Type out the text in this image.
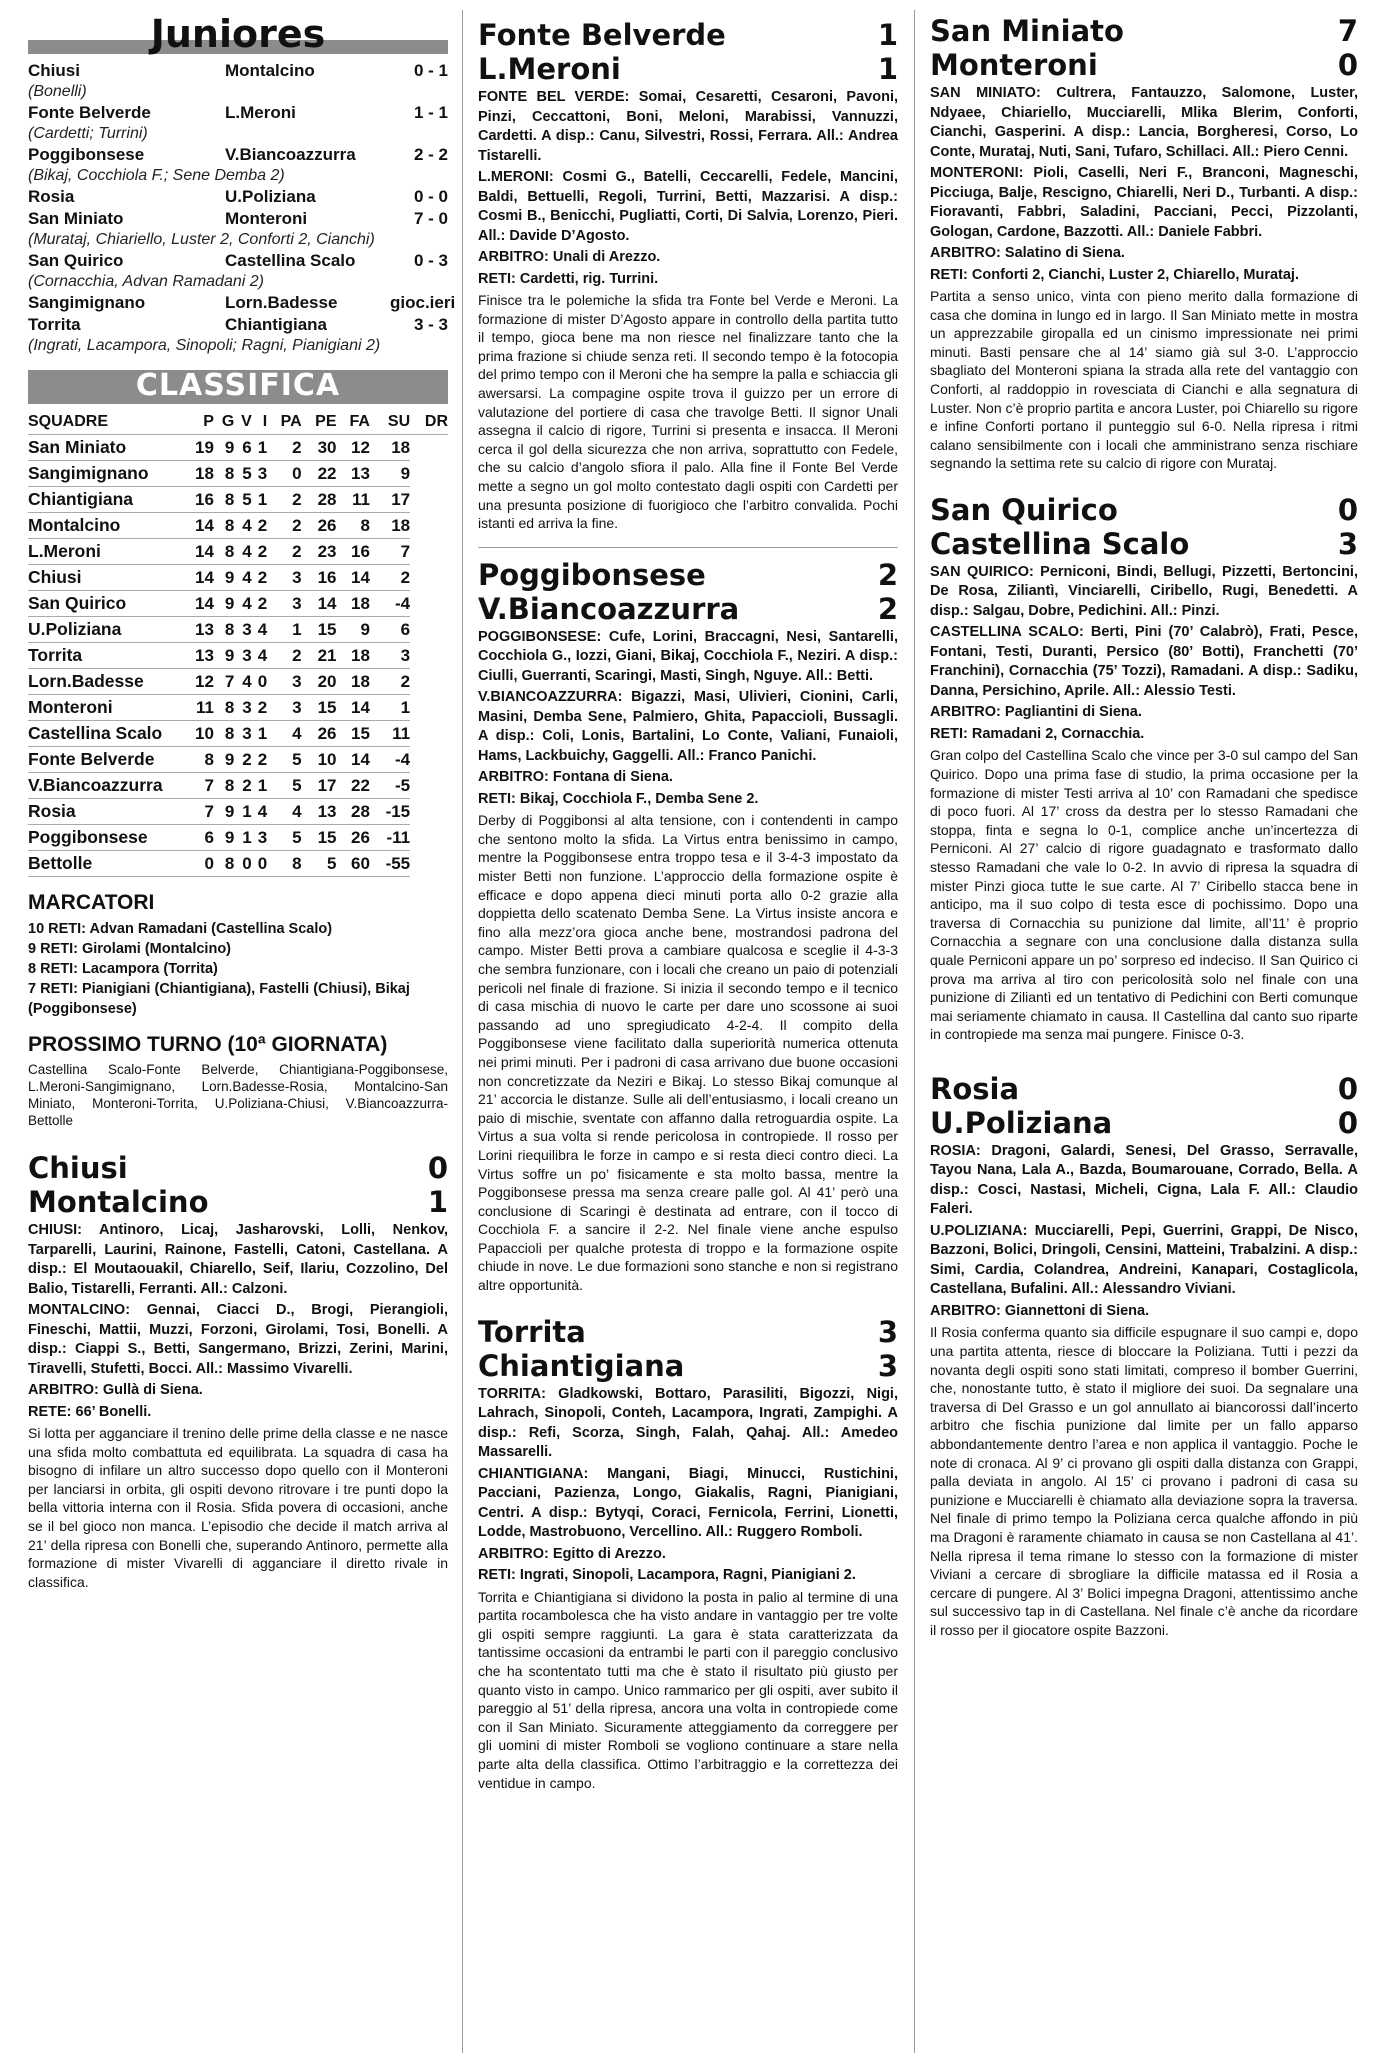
Juniores
Chiusi	Montalcino	0 - 1
(Bonelli)
Fonte Belverde	L.Meroni	1 - 1
(Cardetti; Turrini)
Poggibonsese	V.Biancoazzurra	2 - 2
(Bikaj, Cocchiola F.; Sene Demba 2)
Rosia	U.Poliziana	0 - 0
San Miniato	Monteroni	7 - 0
(Murataj, Chiariello, Luster 2, Conforti 2, Cianchi)
San Quirico	Castellina Scalo	0 - 3
(Cornacchia, Advan Ramadani 2)
Sangimignano	Lorn.Badesse	gioc.ieri
Torrita	Chiantigiana	3 - 3
(Ingrati, Lacampora, Sinopoli; Ragni, Pianigiani 2)
CLASSIFICA
SQUADRE	P	G	V	I	PA	PE	FA	SU	DR
San Miniato	19	9	6	1	2	30	12	18	
Sangimignano	18	8	5	3	0	22	13	9	
Chiantigiana	16	8	5	1	2	28	11	17	
Montalcino	14	8	4	2	2	26	8	18	
L.Meroni	14	8	4	2	2	23	16	7	
Chiusi	14	9	4	2	3	16	14	2	
San Quirico	14	9	4	2	3	14	18	-4	
U.Poliziana	13	8	3	4	1	15	9	6	
Torrita	13	9	3	4	2	21	18	3	
Lorn.Badesse	12	7	4	0	3	20	18	2	
Monteroni	11	8	3	2	3	15	14	1	
Castellina Scalo	10	8	3	1	4	26	15	11	
Fonte Belverde	8	9	2	2	5	10	14	-4	
V.Biancoazzurra	7	8	2	1	5	17	22	-5	
Rosia	7	9	1	4	4	13	28	-15	
Poggibonsese	6	9	1	3	5	15	26	-11	
Bettolle	0	8	0	0	8	5	60	-55	
MARCATORI
10 RETI: Advan Ramadani (Castellina Scalo)
9 RETI: Girolami (Montalcino)
8 RETI: Lacampora (Torrita)
7 RETI: Pianigiani (Chiantigiana), Fastelli (Chiusi), Bikaj (Poggibonsese)
PROSSIMO TURNO (10ª GIORNATA)
Castellina Scalo-Fonte Belverde, Chiantigiana-Poggibonsese, L.Meroni-Sangimignano, Lorn.Badesse-Rosia, Montalcino-San Miniato, Monteroni-Torrita, U.Poliziana-Chiusi, V.Biancoazzurra-Bettolle
Chiusi	0
Montalcino	1
CHIUSI: Antinoro, Licaj, Jasharovski, Lolli, Nenkov, Tarparelli, Laurini, Rainone, Fastelli, Catoni, Castellana. A disp.: El Moutaouakil, Chiarello, Seif, Ilariu, Cozzolino, Del Balio, Tistarelli, Ferranti. All.: Calzoni.
MONTALCINO: Gennai, Ciacci D., Brogi, Pierangioli, Fineschi, Mattii, Muzzi, Forzoni, Girolami, Tosi, Bonelli. A disp.: Ciappi S., Betti, Sangermano, Brizzi, Zerini, Marini, Tiravelli, Stufetti, Bocci. All.: Massimo Vivarelli.
ARBITRO: Gullà di Siena.
RETE: 66’ Bonelli.
Si lotta per agganciare il trenino delle prime della classe e ne nasce una sfida molto combattuta ed equilibrata. La squadra di casa ha bisogno di infilare un altro successo dopo quello con il Monteroni per lanciarsi in orbita, gli ospiti devono ritrovare i tre punti dopo la bella vittoria interna con il Rosia. Sfida povera di occasioni, anche se il bel gioco non manca. L’episodio che decide il match arriva al 21’ della ripresa con Bonelli che, superando Antinoro, permette alla formazione di mister Vivarelli di agganciare il diretto rivale in classifica.
Fonte Belverde	1
L.Meroni	1
FONTE BEL VERDE: Somai, Cesaretti, Cesaroni, Pavoni, Pinzi, Ceccattoni, Boni, Meloni, Marabissi, Vannuzzi, Cardetti. A disp.: Canu, Silvestri, Rossi, Ferrara. All.: Andrea Tistarelli.
L.MERONI: Cosmi G., Batelli, Ceccarelli, Fedele, Mancini, Baldi, Bettuelli, Regoli, Turrini, Betti, Mazzarisi. A disp.: Cosmi B., Benicchi, Pugliatti, Corti, Di Salvia, Lorenzo, Pieri. All.: Davide D’Agosto.
ARBITRO: Unali di Arezzo.
RETI: Cardetti, rig. Turrini.
Finisce tra le polemiche la sfida tra Fonte bel Verde e Meroni. La formazione di mister D’Agosto appare in controllo della partita tutto il tempo, gioca bene ma non riesce nel finalizzare tanto che la prima frazione si chiude senza reti. Il secondo tempo è la fotocopia del primo tempo con il Meroni che ha sempre la palla e schiaccia gli awersarsi. La compagine ospite trova il guizzo per un errore di valutazione del portiere di casa che travolge Betti. Il signor Unali assegna il calcio di rigore, Turrini si presenta e insacca. Il Meroni cerca il gol della sicurezza che non arriva, soprattutto con Fedele, che su calcio d’angolo sfiora il palo. Alla fine il Fonte Bel Verde mette a segno un gol molto contestato dagli ospiti con Cardetti per una presunta posizione di fuorigioco che l’arbitro convalida. Pochi istanti ed arriva la fine.
Poggibonsese	2
V.Biancoazzurra	2
POGGIBONSESE: Cufe, Lorini, Braccagni, Nesi, Santarelli, Cocchiola G., Iozzi, Giani, Bikaj, Cocchiola F., Neziri. A disp.: Ciulli, Guerranti, Scaringi, Masti, Singh, Nguye. All.: Betti.
V.BIANCOAZZURRA: Bigazzi, Masi, Ulivieri, Cionini, Carli, Masini, Demba Sene, Palmiero, Ghita, Papaccioli, Bussagli. A disp.: Coli, Lonis, Bartalini, Lo Conte, Valiani, Funaioli, Hams, Lackbuichy, Gaggelli. All.: Franco Panichi.
ARBITRO: Fontana di Siena.
RETI: Bikaj, Cocchiola F., Demba Sene 2.
Derby di Poggibonsi al alta tensione, con i contendenti in campo che sentono molto la sfida. La Virtus entra benissimo in campo, mentre la Poggibonsese entra troppo tesa e il 3-4-3 impostato da mister Betti non funzione. L’approccio della formazione ospite è efficace e dopo appena dieci minuti porta allo 0-2 grazie alla doppietta dello scatenato Demba Sene. La Virtus insiste ancora e fino alla mezz’ora gioca anche bene, mostrandosi padrona del campo. Mister Betti prova a cambiare qualcosa e sceglie il 4-3-3 che sembra funzionare, con i locali che creano un paio di potenziali pericoli nel finale di frazione. Si inizia il secondo tempo e il tecnico di casa mischia di nuovo le carte per dare uno scossone ai suoi passando ad uno spregiudicato 4-2-4. Il compito della Poggibonsese viene facilitato dalla superiorità numerica ottenuta nei primi minuti. Per i padroni di casa arrivano due buone occasioni non concretizzate da Neziri e Bikaj. Lo stesso Bikaj comunque al 21’ accorcia le distanze. Sulle ali dell’entusiasmo, i locali creano un paio di mischie, sventate con affanno dalla retroguardia ospite. La Virtus a sua volta si rende pericolosa in contropiede. Il rosso per Lorini riequilibra le forze in campo e si resta dieci contro dieci. La Virtus soffre un po’ fisicamente e sta molto bassa, mentre la Poggibonsese pressa ma senza creare palle gol. Al 41’ però una conclusione di Scaringi è destinata ad entrare, con il tocco di Cocchiola F. a sancire il 2-2. Nel finale viene anche espulso Papaccioli per qualche protesta di troppo e la formazione ospite chiude in nove. Le due formazioni sono stanche e non si registrano altre opportunità.
Torrita	3
Chiantigiana	3
TORRITA: Gladkowski, Bottaro, Parasiliti, Bigozzi, Nigi, Lahrach, Sinopoli, Conteh, Lacampora, Ingrati, Zampighi. A disp.: Refi, Scorza, Singh, Falah, Qahaj. All.: Amedeo Massarelli.
CHIANTIGIANA: Mangani, Biagi, Minucci, Rustichini, Pacciani, Pazienza, Longo, Giakalis, Ragni, Pianigiani, Centri. A disp.: Bytyqi, Coraci, Fernicola, Ferrini, Lionetti, Lodde, Mastrobuono, Vercellino. All.: Ruggero Romboli.
ARBITRO: Egitto di Arezzo.
RETI: Ingrati, Sinopoli, Lacampora, Ragni, Pianigiani 2.
Torrita e Chiantigiana si dividono la posta in palio al termine di una partita rocambolesca che ha visto andare in vantaggio per tre volte gli ospiti sempre raggiunti. La gara è stata caratterizzata da tantissime occasioni da entrambi le parti con il pareggio conclusivo che ha scontentato tutti ma che è stato il risultato più giusto per quanto visto in campo. Unico rammarico per gli ospiti, aver subito il pareggio al 51’ della ripresa, ancora una volta in contropiede come con il San Miniato. Sicuramente atteggiamento da correggere per gli uomini di mister Romboli se vogliono continuare a stare nella parte alta della classifica. Ottimo l’arbitraggio e la correttezza dei ventidue in campo.
San Miniato	7
Monteroni	0
SAN MINIATO: Cultrera, Fantauzzo, Salomone, Luster, Ndyaee, Chiariello, Mucciarelli, Mlika Blerim, Conforti, Cianchi, Gasperini. A disp.: Lancia, Borgheresi, Corso, Lo Conte, Murataj, Nuti, Sani, Tufaro, Schillaci. All.: Piero Cenni.
MONTERONI: Pioli, Caselli, Neri F., Branconi, Magneschi, Picciuga, Balje, Rescigno, Chiarelli, Neri D., Turbanti. A disp.: Fioravanti, Fabbri, Saladini, Pacciani, Pecci, Pizzolanti, Gologan, Cardone, Bazzotti. All.: Daniele Fabbri.
ARBITRO: Salatino di Siena.
RETI: Conforti 2, Cianchi, Luster 2, Chiarello, Murataj.
Partita a senso unico, vinta con pieno merito dalla formazione di casa che domina in lungo ed in largo. Il San Miniato mette in mostra un apprezzabile giropalla ed un cinismo impressionate nei primi minuti. Basti pensare che al 14’ siamo già sul 3-0. L’approccio sbagliato del Monteroni spiana la strada alla rete del vantaggio con Conforti, al raddoppio in rovesciata di Cianchi e alla segnatura di Luster. Non c’è proprio partita e ancora Luster, poi Chiarello su rigore e infine Conforti portano il punteggio sul 6-0. Nella ripresa i ritmi calano sensibilmente con i locali che amministrano senza rischiare segnando la settima rete su calcio di rigore con Murataj.
San Quirico	0
Castellina Scalo	3
SAN QUIRICO: Perniconi, Bindi, Bellugi, Pizzetti, Bertoncini, De Rosa, Ziliantì, Vinciarelli, Ciribello, Rugi, Benedetti. A disp.: Salgau, Dobre, Pedichini. All.: Pinzi.
CASTELLINA SCALO: Berti, Pini (70’ Calabrò), Frati, Pesce, Fontani, Testi, Duranti, Persico (80’ Botti), Franchetti (70’ Franchini), Cornacchia (75’ Tozzi), Ramadani. A disp.: Sadiku, Danna, Persichino, Aprile. All.: Alessio Testi.
ARBITRO: Pagliantini di Siena.
RETI: Ramadani 2, Cornacchia.
Gran colpo del Castellina Scalo che vince per 3-0 sul campo del San Quirico. Dopo una prima fase di studio, la prima occasione per la formazione di mister Testi arriva al 10’ con Ramadani che spedisce di poco fuori. Al 17’ cross da destra per lo stesso Ramadani che stoppa, finta e segna lo 0-1, complice anche un’incertezza di Perniconi. Al 27’ calcio di rigore guadagnato e trasformato dallo stesso Ramadani che vale lo 0-2. In avvio di ripresa la squadra di mister Pinzi gioca tutte le sue carte. Al 7’ Ciribello stacca bene in anticipo, ma il suo colpo di testa esce di pochissimo. Dopo una traversa di Cornacchia su punizione dal limite, all’11’ è proprio Cornacchia a segnare con una conclusione dalla distanza sulla quale Perniconi appare un po’ sorpreso ed indeciso. Il San Quirico ci prova ma arriva al tiro con pericolosità solo nel finale con una punizione di Ziliantì ed un tentativo di Pedichini con Berti comunque mai seriamente chiamato in causa. Il Castellina dal canto suo riparte in contropiede ma senza mai pungere. Finisce 0-3.
Rosia	0
U.Poliziana	0
ROSIA: Dragoni, Galardi, Senesi, Del Grasso, Serravalle, Tayou Nana, Lala A., Bazda, Boumarouane, Corrado, Bella. A disp.: Cosci, Nastasi, Micheli, Cigna, Lala F. All.: Claudio Faleri.
U.POLIZIANA: Mucciarelli, Pepi, Guerrini, Grappi, De Nisco, Bazzoni, Bolici, Dringoli, Censini, Matteini, Trabalzini. A disp.: Simi, Cardia, Colandrea, Andreini, Kanapari, Costaglicola, Castellana, Bufalini. All.: Alessandro Viviani.
ARBITRO: Giannettoni di Siena.
Il Rosia conferma quanto sia difficile espugnare il suo campi e, dopo una partita attenta, riesce di bloccare la Poliziana. Tutti i pezzi da novanta degli ospiti sono stati limitati, compreso il bomber Guerrini, che, nonostante tutto, è stato il migliore dei suoi. Da segnalare una traversa di Del Grasso e un gol annullato ai biancorossi dall’incerto arbitro che fischia punizione dal limite per un fallo apparso abbondantemente dentro l’area e non applica il vantaggio. Poche le note di cronaca. Al 9’ ci provano gli ospiti dalla distanza con Grappi, palla deviata in angolo. Al 15’ ci provano i padroni di casa su punizione e Mucciarelli è chiamato alla deviazione sopra la traversa. Nel finale di primo tempo la Poliziana cerca qualche affondo in più ma Dragoni è raramente chiamato in causa se non Castellana al 41’. Nella ripresa il tema rimane lo stesso con la formazione di mister Viviani a cercare di sbrogliare la difficile matassa ed il Rosia a cercare di pungere. Al 3’ Bolici impegna Dragoni, attentissimo anche sul successivo tap in di Castellana. Nel finale c’è anche da ricordare il rosso per il giocatore ospite Bazzoni.
